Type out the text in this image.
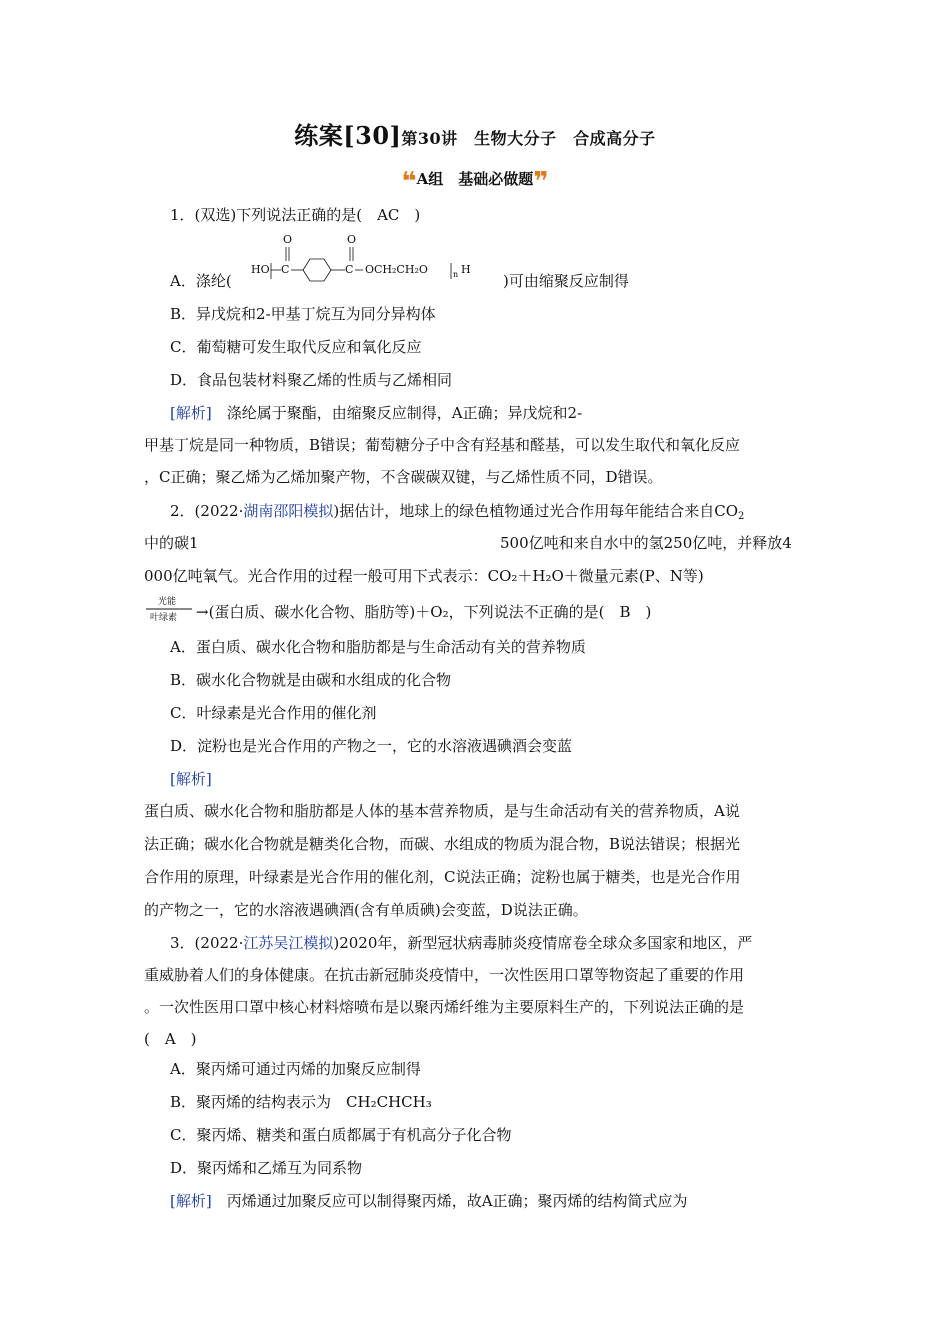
练案[30]第30讲　生物大分子　合成高分子
❝A组　基础必做题❞
1．(双选)下列说法正确的是(　AC　)
A．涤纶(
HO C
O
C
O
OCH₂CH₂O	n H
)可由缩聚反应制得
B．异戊烷和2-甲基丁烷互为同分异构体
C．葡萄糖可发生取代反应和氧化反应
D．食品包装材料聚乙烯的性质与乙烯相同
[解析]　涤纶属于聚酯，由缩聚反应制得，A正确；异戊烷和2-
甲基丁烷是同一种物质，B错误；葡萄糖分子中含有羟基和醛基，可以发生取代和氧化反应
，C正确；聚乙烯为乙烯加聚产物，不含碳碳双键，与乙烯性质不同，D错误。
2．(2022·湖南邵阳模拟)据估计，地球上的绿色植物通过光合作用每年能结合来自$CO_2$
中的碳1	500亿吨和来自水中的氢250亿吨，并释放4
000亿吨氧气。光合作用的过程一般可用下式表示：CO₂＋H₂O＋微量元素(P、N等)
光能
叶绿素 →(蛋白质、碳水化合物、脂肪等)＋O₂，下列说法不正确的是(　B　)
A．蛋白质、碳水化合物和脂肪都是与生命活动有关的营养物质
B．碳水化合物就是由碳和水组成的化合物
C．叶绿素是光合作用的催化剂
D．淀粉也是光合作用的产物之一，它的水溶液遇碘酒会变蓝
[解析]
蛋白质、碳水化合物和脂肪都是人体的基本营养物质，是与生命活动有关的营养物质，A说
法正确；碳水化合物就是糖类化合物，而碳、水组成的物质为混合物，B说法错误；根据光
合作用的原理，叶绿素是光合作用的催化剂，C说法正确；淀粉也属于糖类，也是光合作用
的产物之一，它的水溶液遇碘酒(含有单质碘)会变蓝，D说法正确。
3．(2022·江苏吴江模拟)2020年，新型冠状病毒肺炎疫情席卷全球众多国家和地区，严
重威胁着人们的身体健康。在抗击新冠肺炎疫情中，一次性医用口罩等物资起了重要的作用
。一次性医用口罩中核心材料熔喷布是以聚丙烯纤维为主要原料生产的，下列说法正确的是
(　A　)
A．聚丙烯可通过丙烯的加聚反应制得
B．聚丙烯的结构表示为　CH₂CHCH₃
C．聚丙烯、糖类和蛋白质都属于有机高分子化合物
D．聚丙烯和乙烯互为同系物
[解析]　丙烯通过加聚反应可以制得聚丙烯，故A正确；聚丙烯的结构简式应为
